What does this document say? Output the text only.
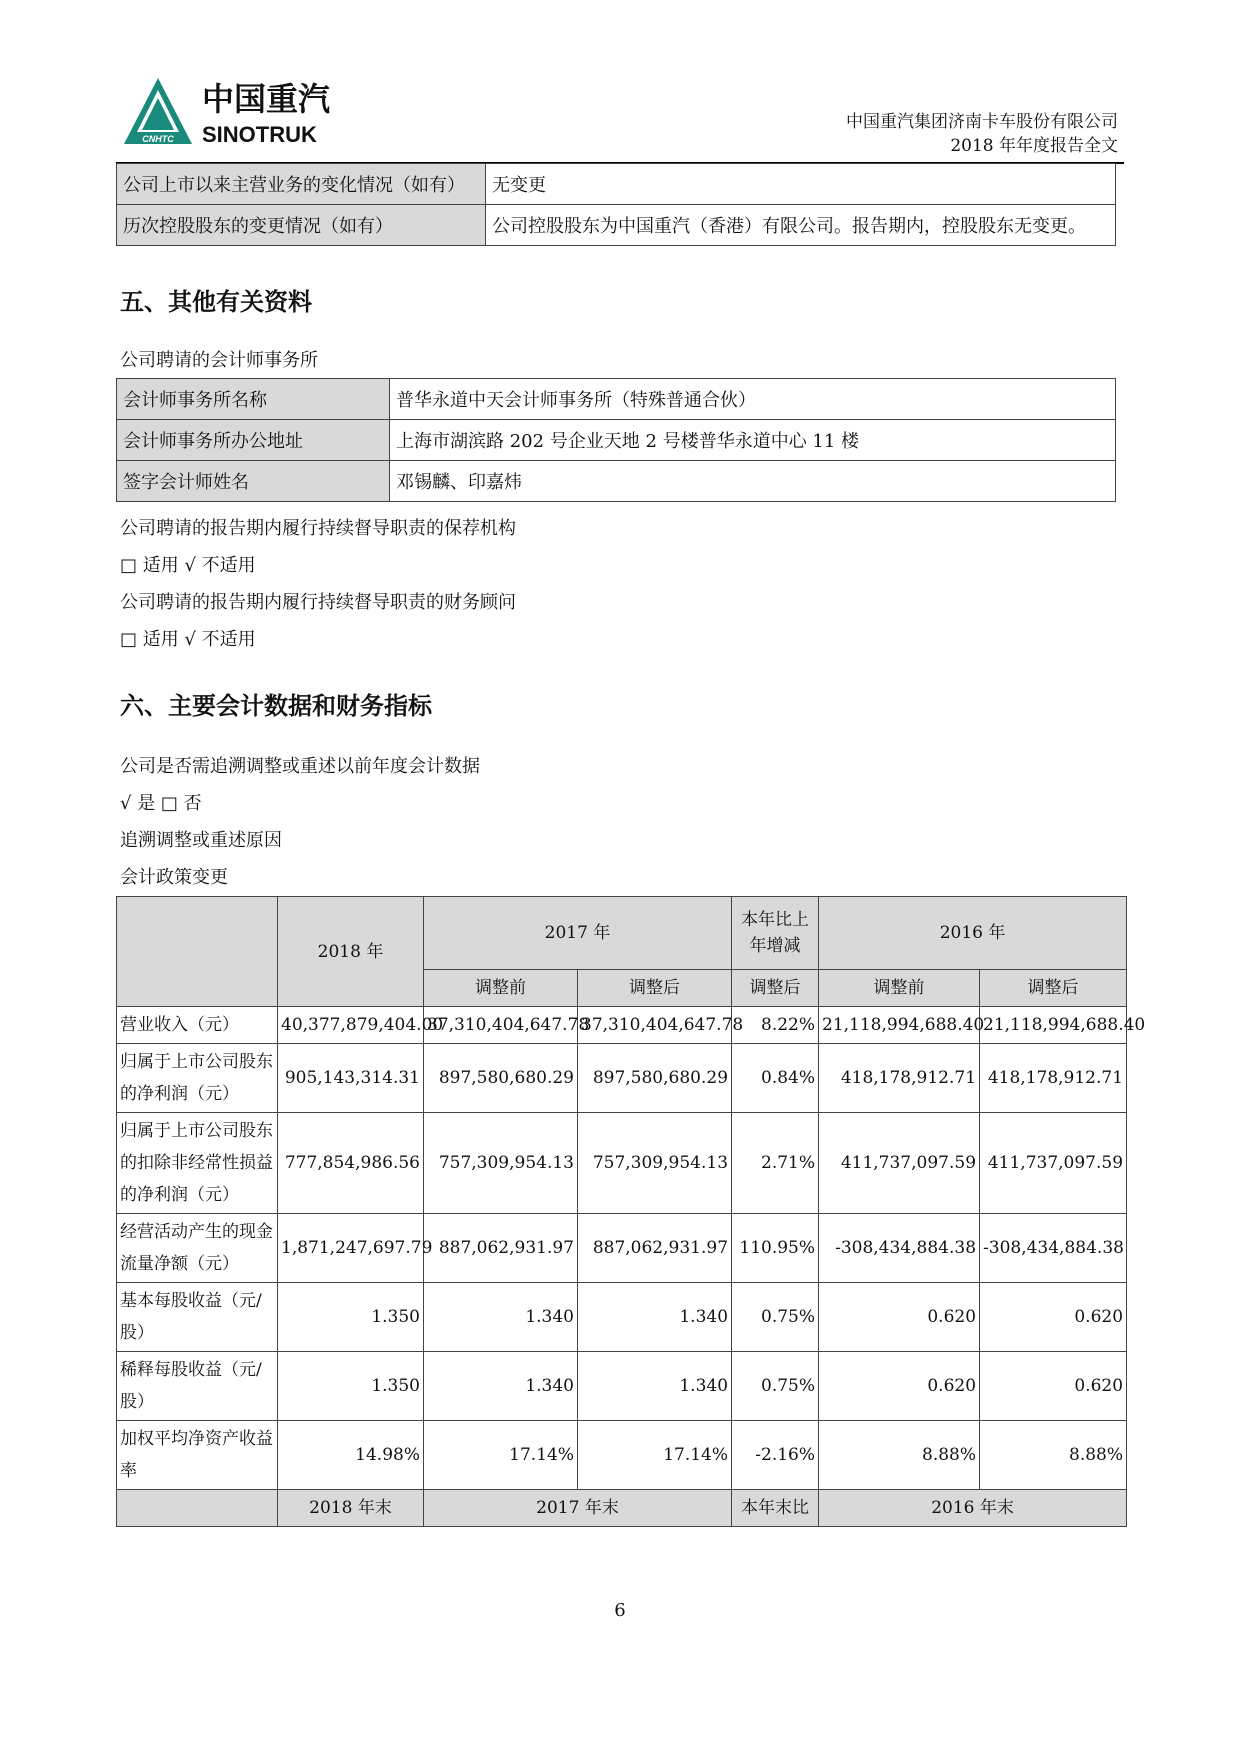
CNHTC
中国重汽
SINOTRUK	中国重汽集团济南卡车股份有限公司
2018 年年度报告全文
公司上市以来主营业务的变化情况（如有）	无变更
历次控股股东的变更情况（如有）	公司控股股东为中国重汽（香港）有限公司。报告期内，控股股东无变更。
五、其他有关资料

公司聘请的会计师事务所

会计师事务所名称	普华永道中天会计师事务所（特殊普通合伙）
会计师事务所办公地址	上海市湖滨路 202 号企业天地 2 号楼普华永道中心 11 楼
签字会计师姓名	邓锡麟、印嘉炜

公司聘请的报告期内履行持续督导职责的保荐机构

□ 适用 √ 不适用

公司聘请的报告期内履行持续督导职责的财务顾问

□ 适用 √ 不适用

六、主要会计数据和财务指标

公司是否需追溯调整或重述以前年度会计数据

√ 是 □ 否

追溯调整或重述原因

会计政策变更

	2018 年	2017 年		本年比上年增减	2016 年	
		调整前	调整后	调整后	调整前	调整后
营业收入（元）	40,377,879,404.00	37,310,404,647.78	37,310,404,647.78	8.22%	21,118,994,688.40	21,118,994,688.40
归属于上市公司股东的净利润（元）	905,143,314.31	897,580,680.29	897,580,680.29	0.84%	418,178,912.71	418,178,912.71
归属于上市公司股东的扣除非经常性损益的净利润（元）	777,854,986.56	757,309,954.13	757,309,954.13	2.71%	411,737,097.59	411,737,097.59
经营活动产生的现金流量净额（元）	1,871,247,697.79	887,062,931.97	887,062,931.97	110.95%	-308,434,884.38	-308,434,884.38
基本每股收益（元/股）	1.350	1.340	1.340	0.75%	0.620	0.620
稀释每股收益（元/股）	1.350	1.340	1.340	0.75%	0.620	0.620
加权平均净资产收益率	14.98%	17.14%	17.14%	-2.16%	8.88%	8.88%
	2018 年末	2017 年末		本年末比	2016 年末	
6
